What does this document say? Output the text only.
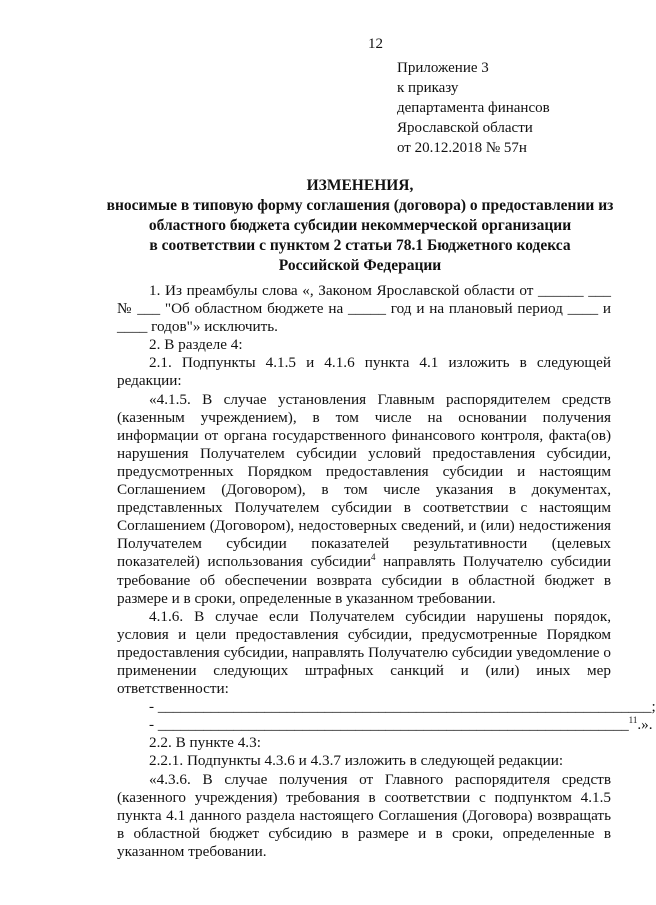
12
Приложение 3
к приказу
департамента финансов
Ярославской области
от 20.12.2018 № 57н
ИЗМЕНЕНИЯ,
вносимые в типовую форму соглашения (договора) о предоставлении из
областного бюджета субсидии некоммерческой организации
в соответствии с пунктом 2 статьи 78.1 Бюджетного кодекса
Российской Федерации

1. Из преамбулы слова «, Законом Ярославской области от ______ ___ № ___ "Об областном бюджете на _____ год и на плановый период ____ и ____ годов"» исключить.

2. В разделе 4:

2.1. Подпункты 4.1.5 и 4.1.6 пункта 4.1 изложить в следующей редакции:

«4.1.5. В случае установления Главным распорядителем средств (казенным учреждением), в том числе на основании получения информации от органа государственного финансового контроля, факта(ов) нарушения Получателем субсидии условий предоставления субсидии, предусмотренных Порядком предоставления субсидии и настоящим Соглашением (Договором), в том числе указания в документах, представленных Получателем субсидии в соответствии с настоящим Соглашением (Договором), недостоверных сведений, и (или) недостижения Получателем субсидии показателей результативности (целевых показателей) использования субсидии$^4$ направлять Получателю субсидии требование об обеспечении возврата субсидии в областной бюджет в размере и в сроки, определенные в указанном требовании.

4.1.6. В случае если Получателем субсидии нарушены порядок, условия и цели предоставления субсидии, предусмотренные Порядком предоставления субсидии, направлять Получателю субсидии уведомление о применении следующих штрафных санкций и (или) иных мер ответственности:

- _________________________________________________________________;

- ______________________________________________________________$^{11}$.».

2.2. В пункте 4.3:

2.2.1. Подпункты 4.3.6 и 4.3.7 изложить в следующей редакции:

«4.3.6. В случае получения от Главного распорядителя средств (казенного учреждения) требования в соответствии с подпунктом 4.1.5 пункта 4.1 данного раздела настоящего Соглашения (Договора) возвращать в областной бюджет субсидию в размере и в сроки, определенные в указанном требовании.
